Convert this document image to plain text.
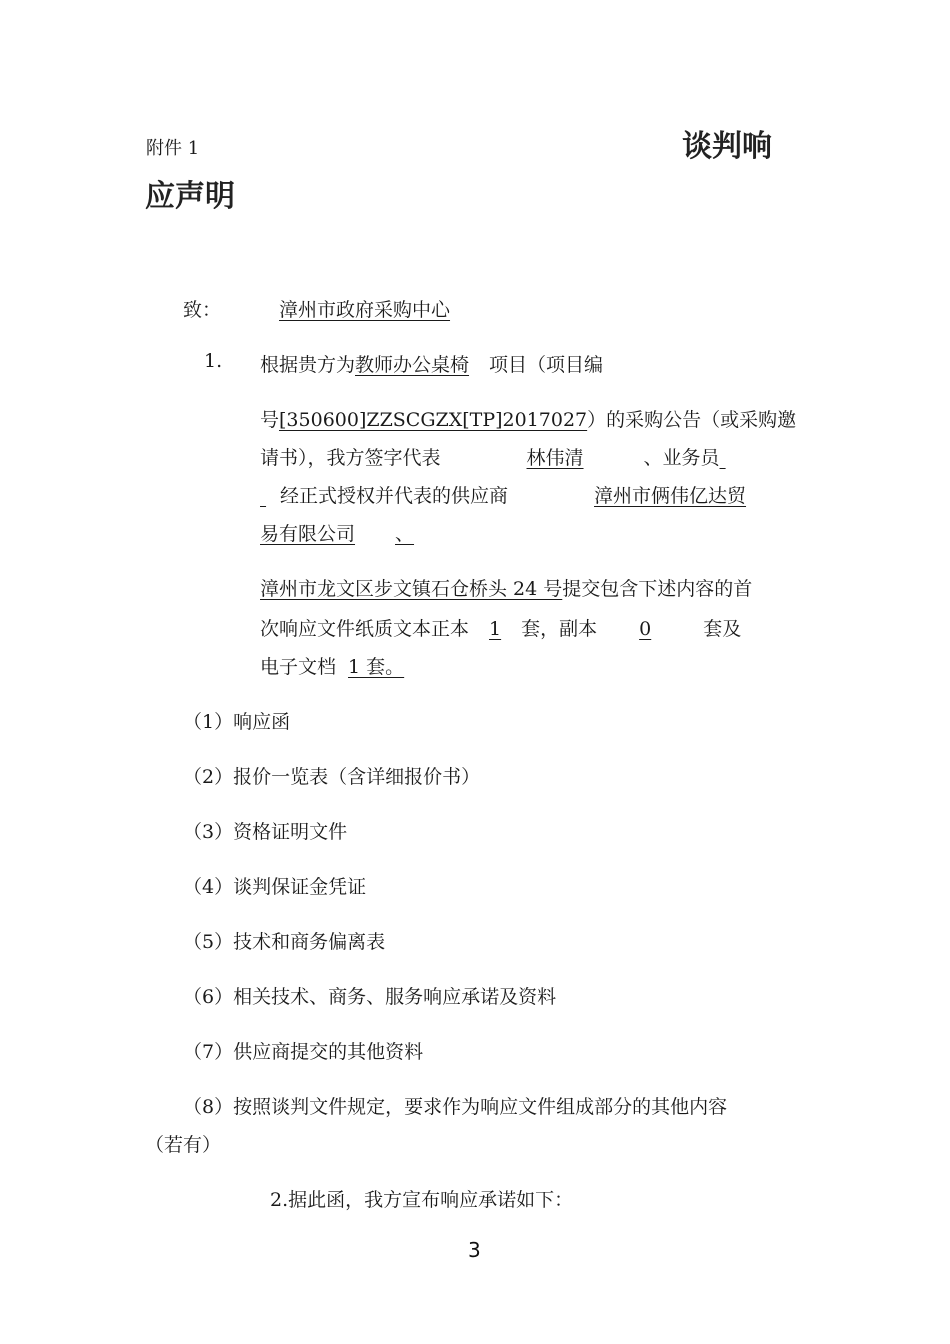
附件 1	谈判响
应声明
致：	漳州市政府采购中心
1. 根据贵方为教师办公桌椅 项目（项目编
号[350600]ZZSCGZX[TP]2017027）的采购公告（或采购邀
请书），我方签字代表	林伟清	、业务员
经正式授权并代表的供应商	漳州市俩伟亿达贸
易有限公司 、
漳州市龙文区步文镇石仓桥头 24 号提交包含下述内容的首
次响应文件纸质文本正本 1 套，副本 0	套及
电子文档 1 套。
（1）响应函
（2）报价一览表（含详细报价书）
（3）资格证明文件
（4）谈判保证金凭证
（5）技术和商务偏离表
（6）相关技术、商务、服务响应承诺及资料
（7）供应商提交的其他资料
（8）按照谈判文件规定，要求作为响应文件组成部分的其他内容
（若有）
2.据此函，我方宣布响应承诺如下：
3
